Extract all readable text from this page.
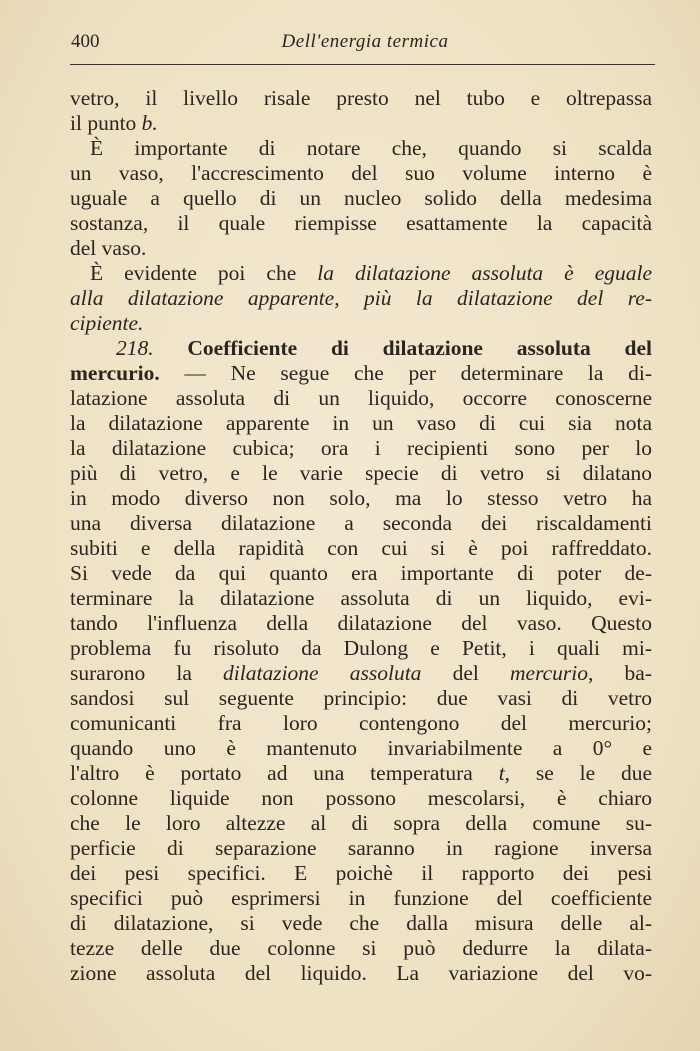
400	Dell'energia termica
vetro, il livello risale presto nel tubo e oltrepassa
il punto b.
È importante di notare che, quando si scalda
un vaso, l'accrescimento del suo volume interno è
uguale a quello di un nucleo solido della medesima
sostanza, il quale riempisse esattamente la capacità
del vaso.
È evidente poi che la dilatazione assoluta è eguale
alla dilatazione apparente, più la dilatazione del re-
cipiente.
218. Coefficiente di dilatazione assoluta del
mercurio. — Ne segue che per determinare la di-
latazione assoluta di un liquido, occorre conoscerne
la dilatazione apparente in un vaso di cui sia nota
la dilatazione cubica; ora i recipienti sono per lo
più di vetro, e le varie specie di vetro si dilatano
in modo diverso non solo, ma lo stesso vetro ha
una diversa dilatazione a seconda dei riscaldamenti
subiti e della rapidità con cui si è poi raffreddato.
Si vede da qui quanto era importante di poter de-
terminare la dilatazione assoluta di un liquido, evi-
tando l'influenza della dilatazione del vaso. Questo
problema fu risoluto da Dulong e Petit, i quali mi-
surarono la dilatazione assoluta del mercurio, ba-
sandosi sul seguente principio: due vasi di vetro
comunicanti fra loro contengono del mercurio;
quando uno è mantenuto invariabilmente a 0° e
l'altro è portato ad una temperatura t, se le due
colonne liquide non possono mescolarsi, è chiaro
che le loro altezze al di sopra della comune su-
perficie di separazione saranno in ragione inversa
dei pesi specifici. E poichè il rapporto dei pesi
specifici può esprimersi in funzione del coefficiente
di dilatazione, si vede che dalla misura delle al-
tezze delle due colonne si può dedurre la dilata-
zione assoluta del liquido. La variazione del vo-
